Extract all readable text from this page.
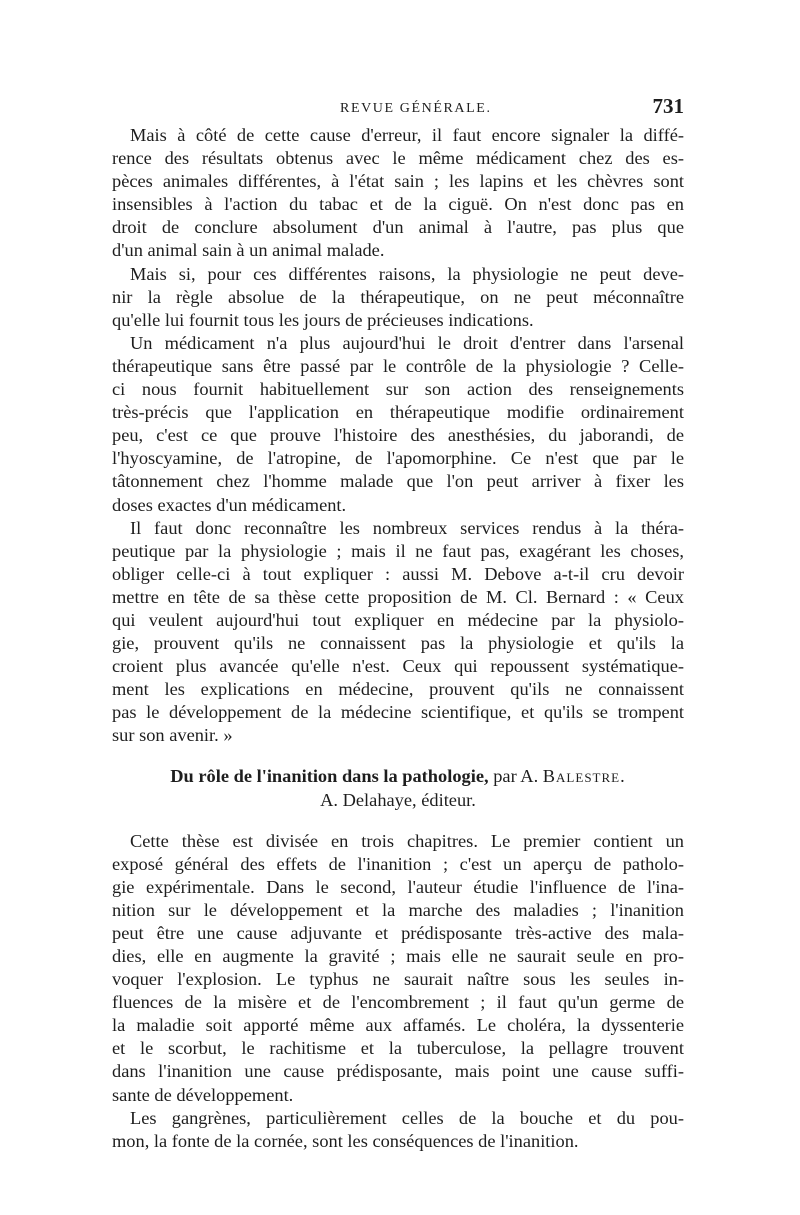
REVUE GÉNÉRALE.	731
Mais à côté de cette cause d'erreur, il faut encore signaler la diffé-
rence des résultats obtenus avec le même médicament chez des es-
pèces animales différentes, à l'état sain ; les lapins et les chèvres sont
insensibles à l'action du tabac et de la ciguë. On n'est donc pas en
droit de conclure absolument d'un animal à l'autre, pas plus que
d'un animal sain à un animal malade.
Mais si, pour ces différentes raisons, la physiologie ne peut deve-
nir la règle absolue de la thérapeutique, on ne peut méconnaître
qu'elle lui fournit tous les jours de précieuses indications.
Un médicament n'a plus aujourd'hui le droit d'entrer dans l'arsenal
thérapeutique sans être passé par le contrôle de la physiologie ? Celle-
ci nous fournit habituellement sur son action des renseignements
très-précis que l'application en thérapeutique modifie ordinairement
peu, c'est ce que prouve l'histoire des anesthésies, du jaborandi, de
l'hyoscyamine, de l'atropine, de l'apomorphine. Ce n'est que par le
tâtonnement chez l'homme malade que l'on peut arriver à fixer les
doses exactes d'un médicament.
Il faut donc reconnaître les nombreux services rendus à la théra-
peutique par la physiologie ; mais il ne faut pas, exagérant les choses,
obliger celle-ci à tout expliquer : aussi M. Debove a-t-il cru devoir
mettre en tête de sa thèse cette proposition de M. Cl. Bernard : « Ceux
qui veulent aujourd'hui tout expliquer en médecine par la physiolo-
gie, prouvent qu'ils ne connaissent pas la physiologie et qu'ils la
croient plus avancée qu'elle n'est. Ceux qui repoussent systématique-
ment les explications en médecine, prouvent qu'ils ne connaissent
pas le développement de la médecine scientifique, et qu'ils se trompent
sur son avenir. »
Du rôle de l'inanition dans la pathologie, par A. Balestre.
A. Delahaye, éditeur.
Cette thèse est divisée en trois chapitres. Le premier contient un
exposé général des effets de l'inanition ; c'est un aperçu de patholo-
gie expérimentale. Dans le second, l'auteur étudie l'influence de l'ina-
nition sur le développement et la marche des maladies ; l'inanition
peut être une cause adjuvante et prédisposante très-active des mala-
dies, elle en augmente la gravité ; mais elle ne saurait seule en pro-
voquer l'explosion. Le typhus ne saurait naître sous les seules in-
fluences de la misère et de l'encombrement ; il faut qu'un germe de
la maladie soit apporté même aux affamés. Le choléra, la dyssenterie
et le scorbut, le rachitisme et la tuberculose, la pellagre trouvent
dans l'inanition une cause prédisposante, mais point une cause suffi-
sante de développement.
Les gangrènes, particulièrement celles de la bouche et du pou-
mon, la fonte de la cornée, sont les conséquences de l'inanition.
